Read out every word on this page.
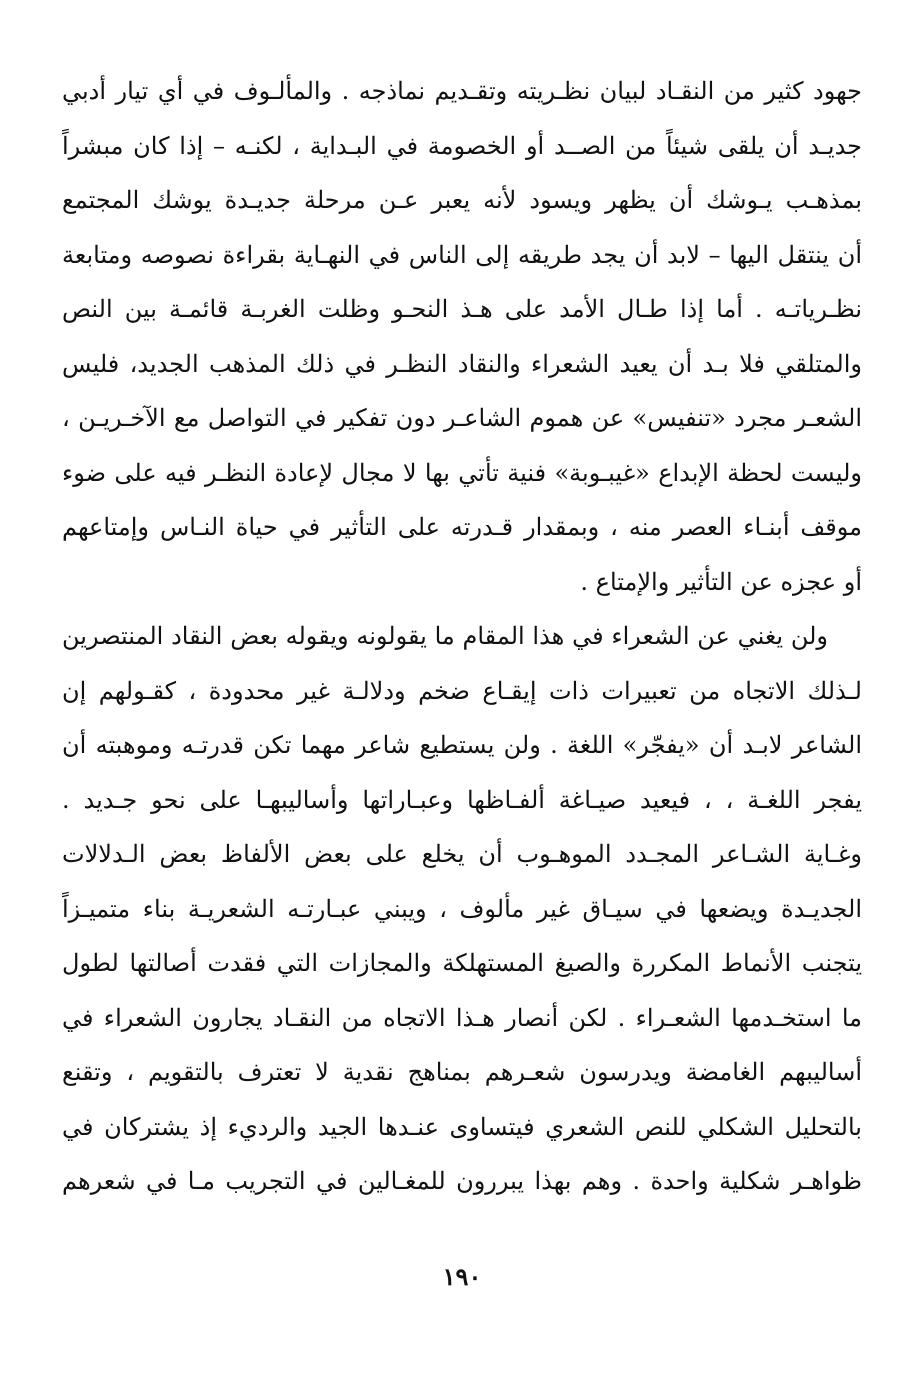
جهود كثير من النقـاد لبيان نظـريته وتقـديم نماذجه . والمألـوف في أي تيار أدبي
جديـد أن يلقى شيئاً من الصــد أو الخصومة في البـداية ، لكنـه – إذا كان مبشراً
بمذهـب يـوشك أن يظهر ويسود لأنه يعبر عـن مرحلة جديـدة يوشك المجتمع
أن ينتقل اليها – لابد أن يجد طريقه إلى الناس في النهـاية بقراءة نصوصه ومتابعة
نظـرياتـه . أما إذا طـال الأمد على هـذ النحـو وظلت الغربـة قائمـة بين النص
والمتلقي فلا بـد أن يعيد الشعراء والنقاد النظـر في ذلك المذهب الجديد، فليس
الشعـر مجرد «تنفيس» عن هموم الشاعـر دون تفكير في التواصل مع الآخـريـن ،
وليست لحظة الإبداع «غيبـوبة» فنية تأتي بها لا مجال لإعادة النظـر فيه على ضوء
موقف أبنـاء العصر منه ، وبمقدار قـدرته على التأثير في حياة النـاس وإمتاعهم
أو عجزه عن التأثير والإمتاع .
ولن يغني عن الشعراء في هذا المقام ما يقولونه ويقوله بعض النقاد المنتصرين
لـذلك الاتجاه من تعبيرات ذات إيقـاع ضخم ودلالـة غير محدودة ، كقـولهم إن
الشاعر لابـد أن «يفجّر» اللغة . ولن يستطيع شاعر مهما تكن قدرتـه وموهبته أن
يفجر اللغـة ، ، فيعيد صيـاغة ألفـاظها وعبـاراتها وأساليبهـا على نحو جـديد .
وغـاية الشـاعر المجـدد الموهـوب أن يخلع على بعض الألفاظ بعض الـدلالات
الجديـدة ويضعها في سيـاق غير مألوف ، ويبني عبـارتـه الشعريـة بناء متميـزاً
يتجنب الأنماط المكررة والصيغ المستهلكة والمجازات التي فقدت أصالتها لطول
ما استخـدمها الشعـراء . لكن أنصار هـذا الاتجاه من النقـاد يجارون الشعراء في
أساليبهم الغامضة ويدرسون شعـرهم بمناهج نقدية لا تعترف بالتقويم ، وتقنع
بالتحليل الشكلي للنص الشعري فيتساوى عنـدها الجيد والرديء إذ يشتركان في
ظواهـر شكلية واحدة . وهم بهذا يبررون للمغـالين في التجريب مـا في شعرهم
١٩٠
